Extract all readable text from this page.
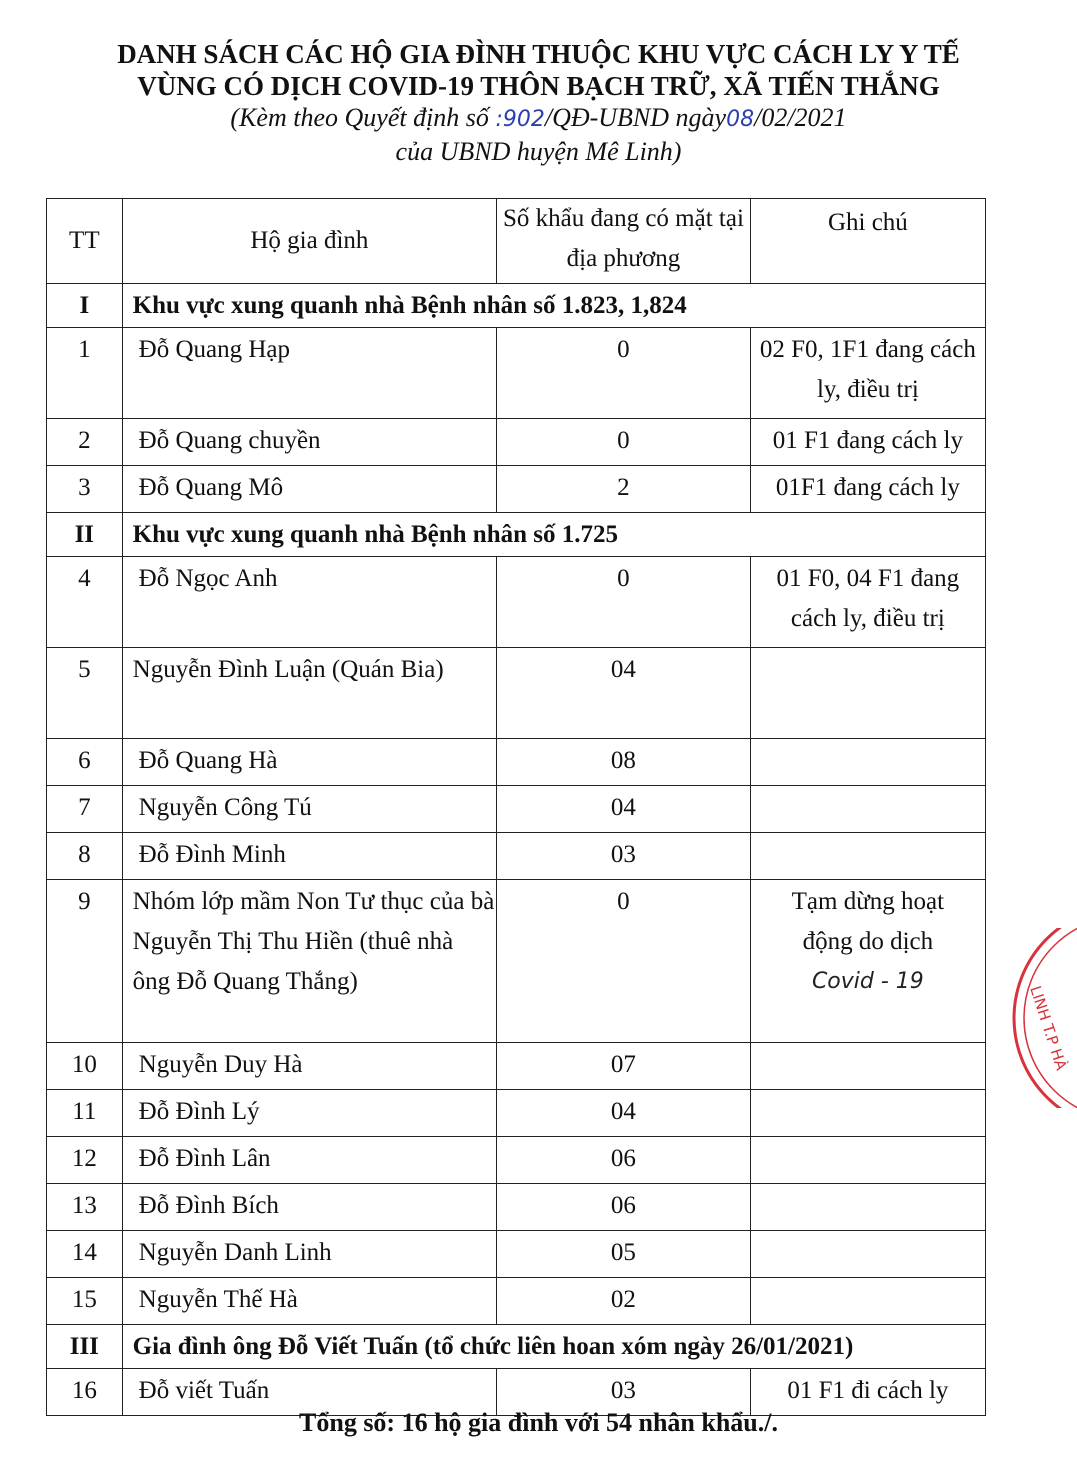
DANH SÁCH CÁC HỘ GIA ĐÌNH THUỘC KHU VỰC CÁCH LY Y TẾ
VÙNG CÓ DỊCH COVID-19 THÔN BẠCH TRỮ, XÃ TIẾN THẮNG
(Kèm theo Quyết định số :902/QĐ-UBND ngày08/02/2021
của UBND huyện Mê Linh)
TT	Hộ gia đình	Số khẩu đang có mặt tại địa phương	Ghi chú
I	Khu vực xung quanh nhà Bệnh nhân số 1.823, 1,824		
1	Đỗ Quang Hạp	0	02 F0, 1F1 đang cách ly, điều trị
2	Đỗ Quang chuyền	0	01 F1 đang cách ly
3	Đỗ Quang Mô	2	01F1 đang cách ly
II	Khu vực xung quanh nhà Bệnh nhân số 1.725		
4	Đỗ Ngọc Anh	0	01 F0, 04 F1 đang cách ly, điều trị
5	Nguyễn Đình Luận (Quán Bia)	04	
6	Đỗ Quang Hà	08	
7	Nguyễn Công Tú	04	
8	Đỗ Đình Minh	03	
9	Nhóm lớp mầm Non Tư thục của bà Nguyễn Thị Thu Hiền (thuê nhà ông Đỗ Quang Thắng)	0	Tạm dừng hoạt động do dịch
Covid - 19

10	Nguyễn Duy Hà	07	
11	Đỗ Đình Lý	04	
12	Đỗ Đình Lân	06	
13	Đỗ Đình Bích	06	
14	Nguyễn Danh Linh	05	
15	Nguyễn Thế Hà	02	
III	Gia đình ông Đỗ Viết Tuấn (tổ chức liên hoan xóm ngày 26/01/2021)		
16	Đỗ viết Tuấn	03	01 F1 đi cách ly
Tổng số: 16 hộ gia đình với 54 nhân khẩu./.
LINH T.P HÀ
